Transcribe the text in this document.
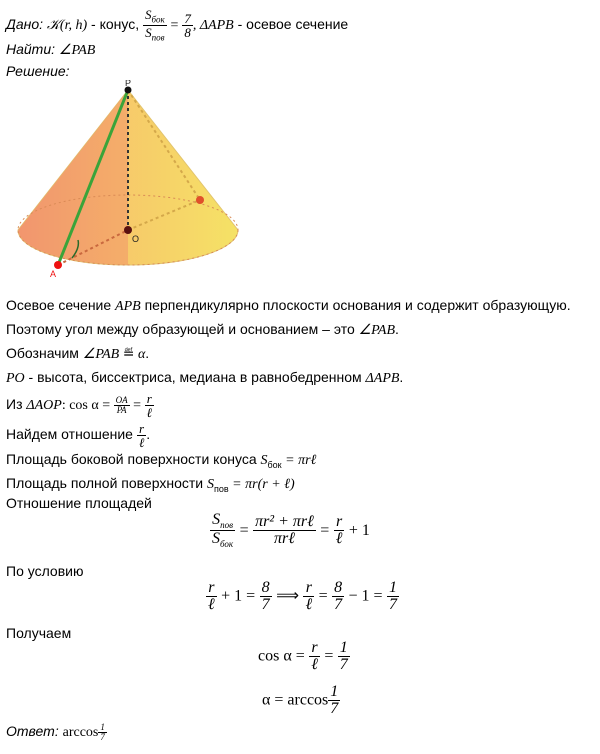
Дано: 𝒦(r, h) - конус, $\frac{S_{бок}}{S_{пов}} = \frac{7}{8}$ , ΔAPB - осевое сечение
Найти: ∠PAB
Решение:
P
O
A
Осевое сечение APB перпендикулярно плоскости основания и содержит образующую.
Поэтому угол между образующей и основанием – это ∠PAB.
Обозначим ∠PAB ≝ α.
PO - высота, биссектриса, медиана в равнобедренном ΔAPB.
Из ΔAOP: $\cos \alpha = \frac{OA}{PA} = \frac{r}{\text{ℓ}}$
Найдем отношение $\frac{r}{\text{ℓ}}$ .
Площадь боковой поверхности конуса $S_{бок}$ = πrℓ
Площадь полной поверхности $S_{пов} = \pi r(r$ + ℓ)
Отношение площадей
$\frac{S_{пов}}{S_{бок}} = \frac{\text{πr² + πrℓ}}{\text{πrℓ}} = \frac{r}{\text{ℓ}} + 1$
По условию
$\frac{r}{\text{ℓ}} + 1 = \frac{8}{7}$ ⟹ $\frac{r}{\text{ℓ}} = \frac{8}{7} - 1 = \frac{1}{7}$
Получаем
$\cos \alpha = \frac{r}{\text{ℓ}} = \frac{1}{7}$
$\alpha = \arccos \frac{1}{7}$
Ответ: $\arccos \frac{1}{7}$
